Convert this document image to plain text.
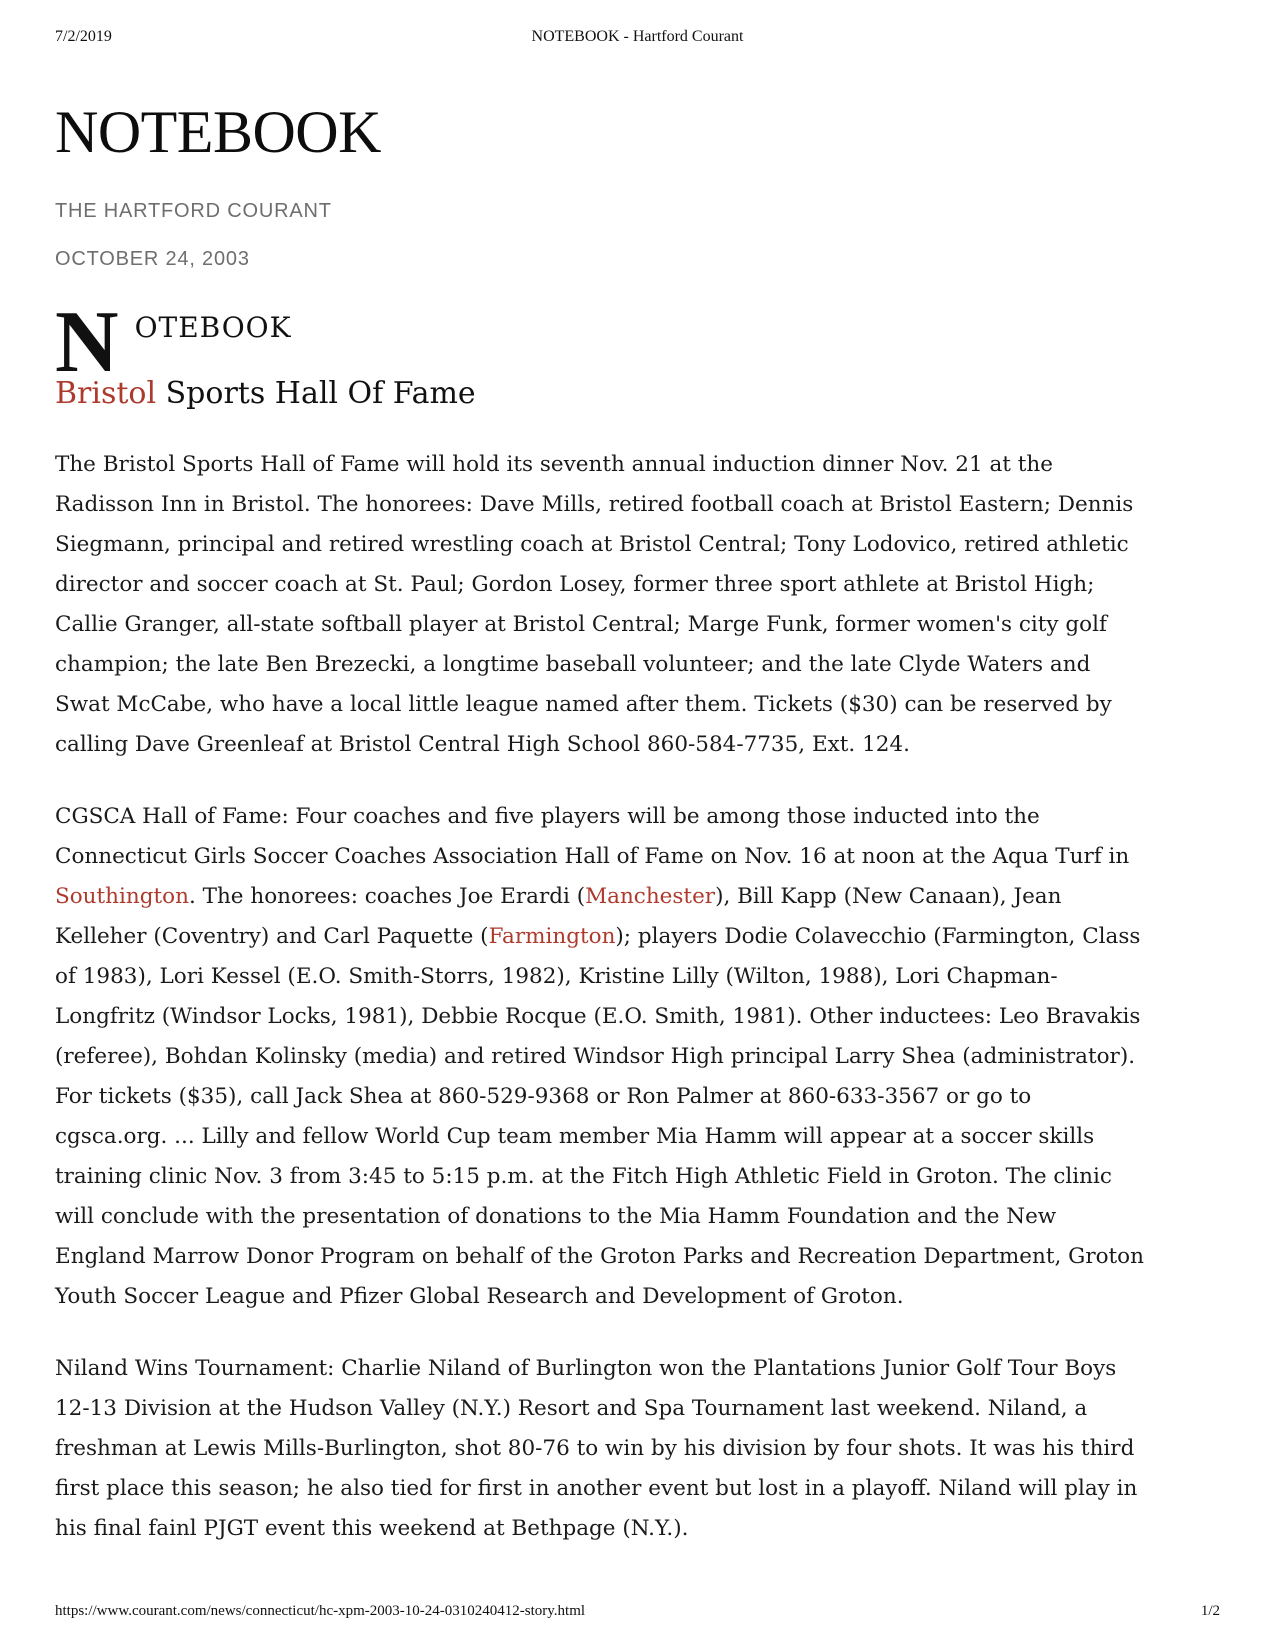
7/2/2019	NOTEBOOK - Hartford Courant
NOTEBOOK
THE HARTFORD COURANT
OCTOBER 24, 2003
N OTEBOOK
Bristol Sports Hall Of Fame

The Bristol Sports Hall of Fame will hold its seventh annual induction dinner Nov. 21 at the Radisson Inn in Bristol. The honorees: Dave Mills, retired football coach at Bristol Eastern; Dennis Siegmann, principal and retired wrestling coach at Bristol Central; Tony Lodovico, retired athletic director and soccer coach at St. Paul; Gordon Losey, former three sport athlete at Bristol High; Callie Granger, all-state softball player at Bristol Central; Marge Funk, former women's city golf champion; the late Ben Brezecki, a longtime baseball volunteer; and the late Clyde Waters and Swat McCabe, who have a local little league named after them. Tickets ($30) can be reserved by calling Dave Greenleaf at Bristol Central High School 860-584-7735, Ext. 124.

CGSCA Hall of Fame: Four coaches and five players will be among those inducted into the Connecticut Girls Soccer Coaches Association Hall of Fame on Nov. 16 at noon at the Aqua Turf in Southington. The honorees: coaches Joe Erardi (Manchester), Bill Kapp (New Canaan), Jean Kelleher (Coventry) and Carl Paquette (Farmington); players Dodie Colavecchio (Farmington, Class of 1983), Lori Kessel (E.O. Smith-Storrs, 1982), Kristine Lilly (Wilton, 1988), Lori Chapman-Longfritz (Windsor Locks, 1981), Debbie Rocque (E.O. Smith, 1981). Other inductees: Leo Bravakis (referee), Bohdan Kolinsky (media) and retired Windsor High principal Larry Shea (administrator). For tickets ($35), call Jack Shea at 860-529-9368 or Ron Palmer at 860-633-3567 or go to cgsca.org. ... Lilly and fellow World Cup team member Mia Hamm will appear at a soccer skills training clinic Nov. 3 from 3:45 to 5:15 p.m. at the Fitch High Athletic Field in Groton. The clinic will conclude with the presentation of donations to the Mia Hamm Foundation and the New England Marrow Donor Program on behalf of the Groton Parks and Recreation Department, Groton Youth Soccer League and Pfizer Global Research and Development of Groton.

Niland Wins Tournament: Charlie Niland of Burlington won the Plantations Junior Golf Tour Boys 12-13 Division at the Hudson Valley (N.Y.) Resort and Spa Tournament last weekend. Niland, a freshman at Lewis Mills-Burlington, shot 80-76 to win by his division by four shots. It was his third first place this season; he also tied for first in another event but lost in a playoff. Niland will play in his final fainl PJGT event this weekend at Bethpage (N.Y.).

https://www.courant.com/news/connecticut/hc-xpm-2003-10-24-0310240412-story.html	1/2
